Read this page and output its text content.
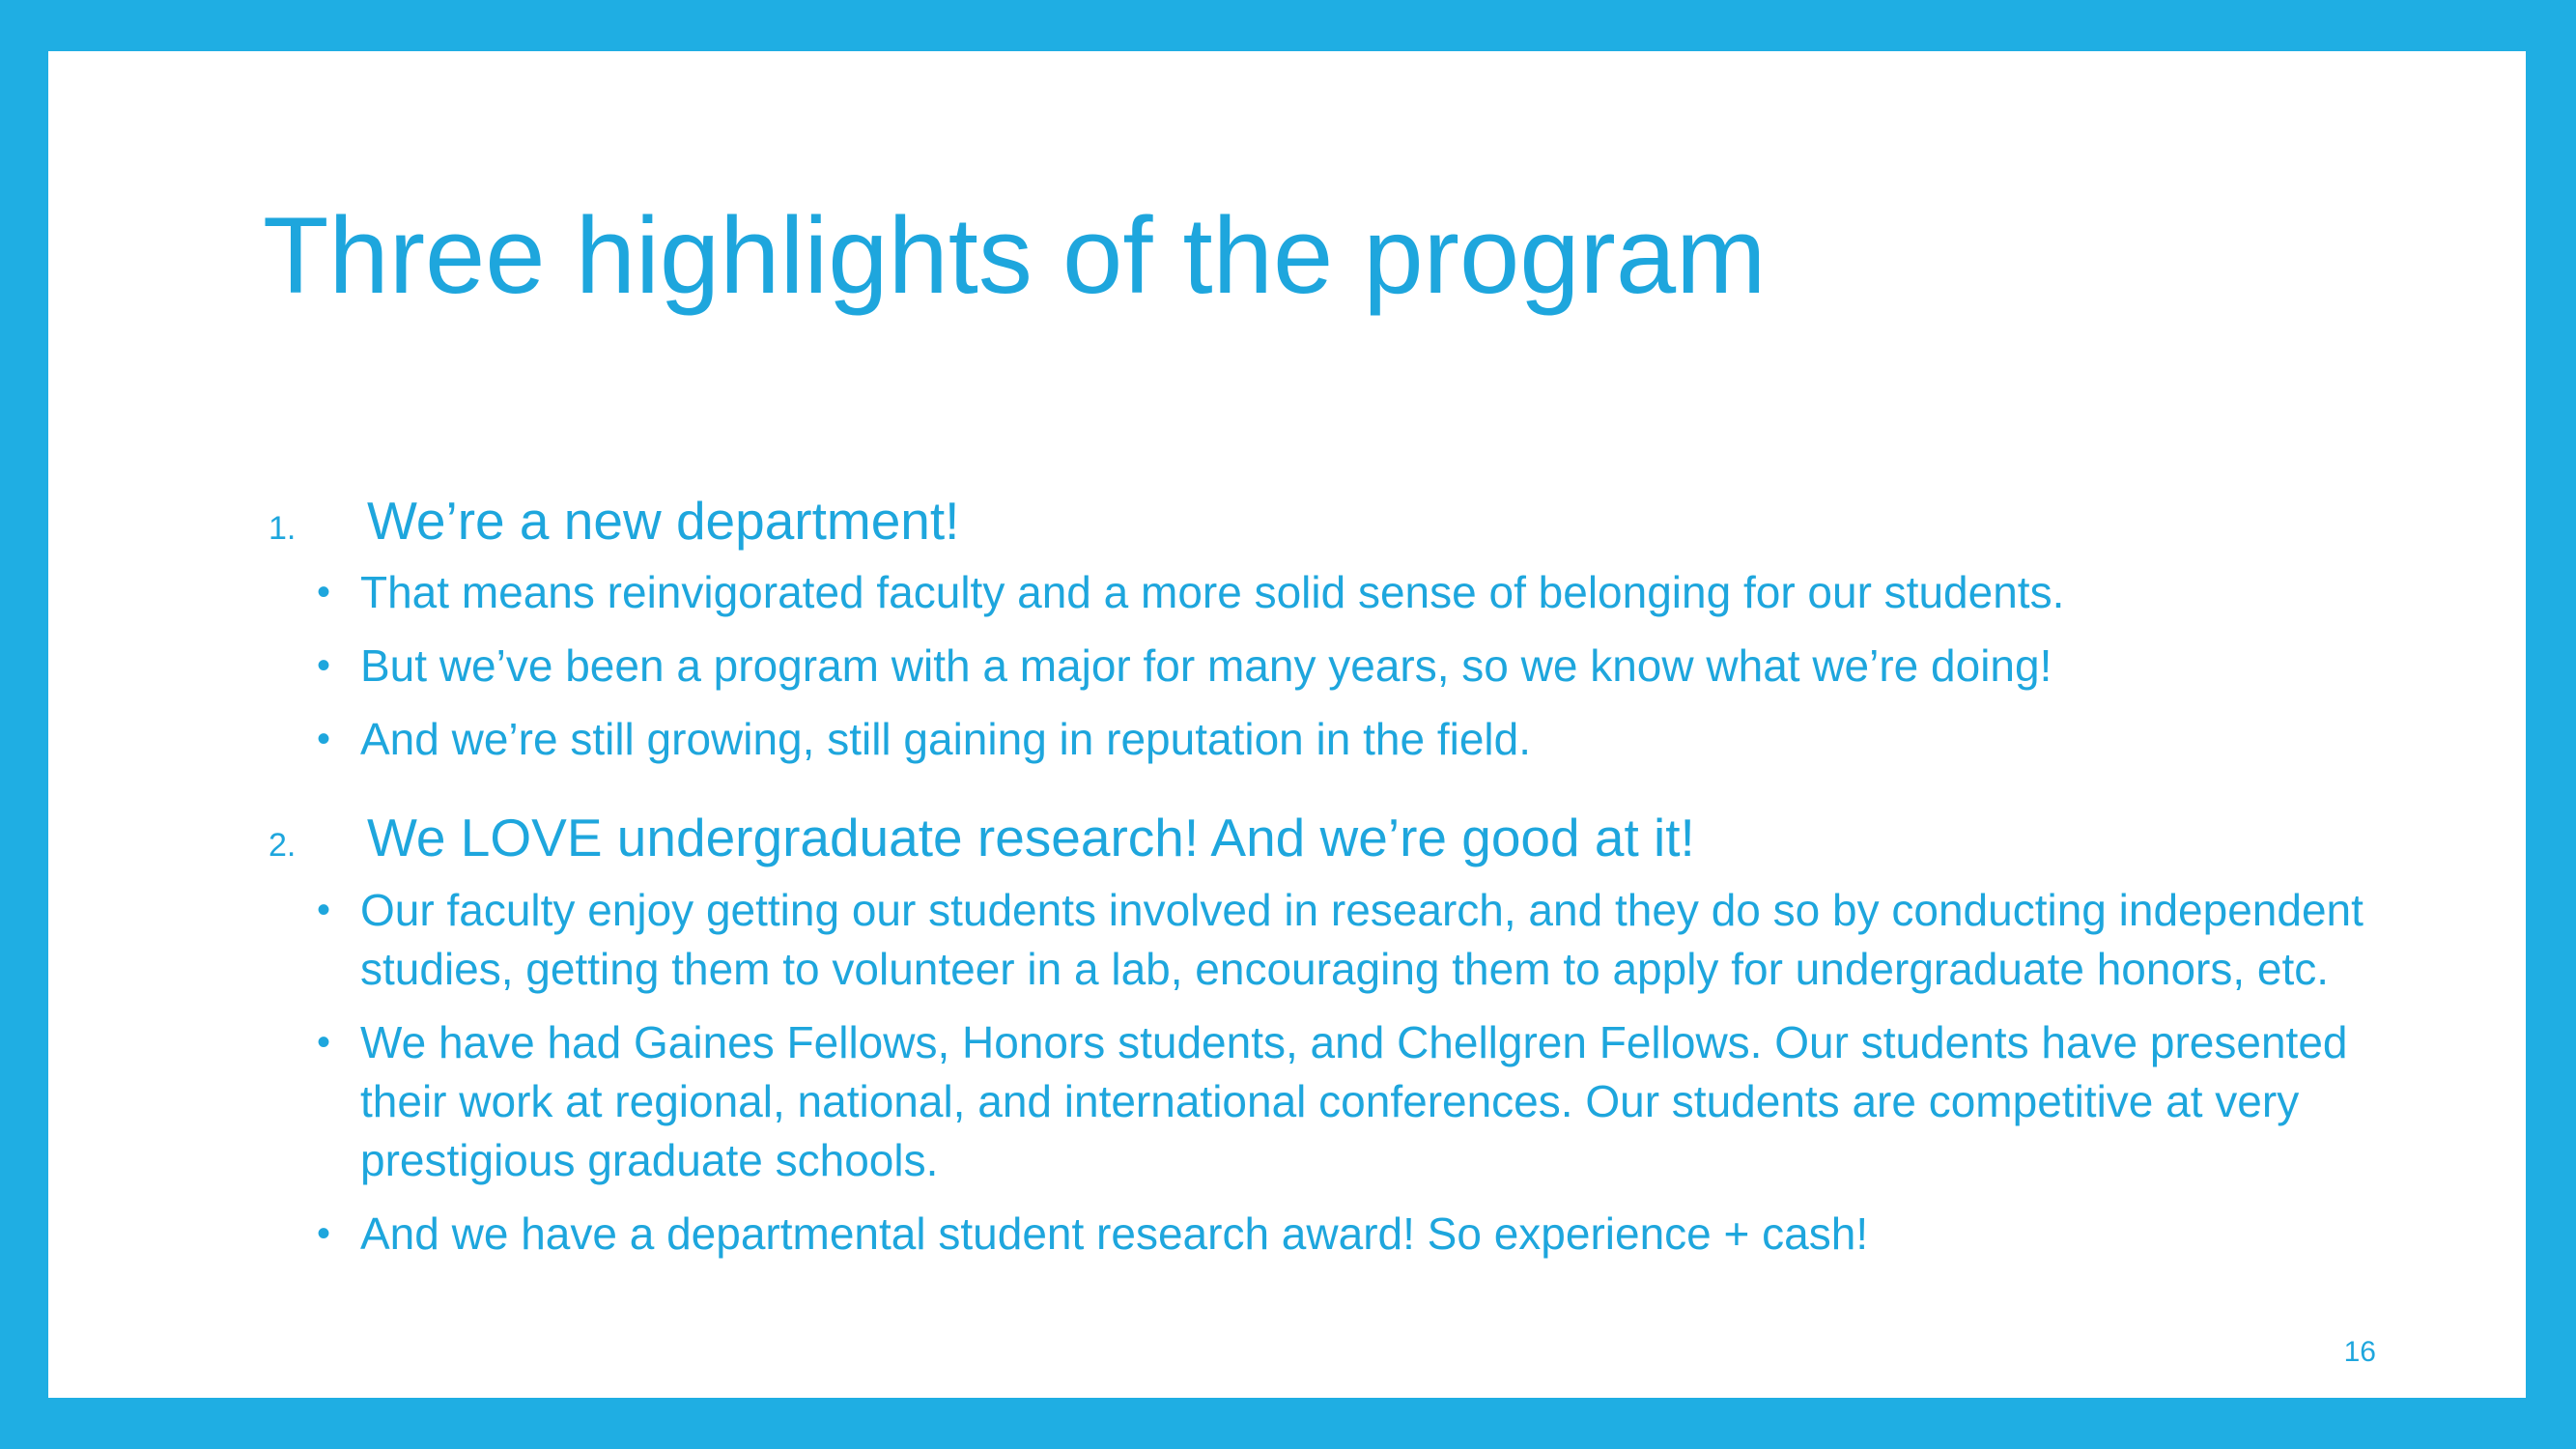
Three highlights of the program
1.	We’re a new department!
• That means reinvigorated faculty and a more solid sense of belonging for our students.
• But we’ve been a program with a major for many years, so we know what we’re doing!
• And we’re still growing, still gaining in reputation in the field.
2.	We LOVE undergraduate research! And we’re good at it!
• Our faculty enjoy getting our students involved in research, and they do so by conducting independent studies, getting them to volunteer in a lab, encouraging them to apply for undergraduate honors, etc.
• We have had Gaines Fellows, Honors students, and Chellgren Fellows. Our students have presented their work at regional, national, and international conferences. Our students are competitive at very prestigious graduate schools.
• And we have a departmental student research award! So experience + cash!
16
